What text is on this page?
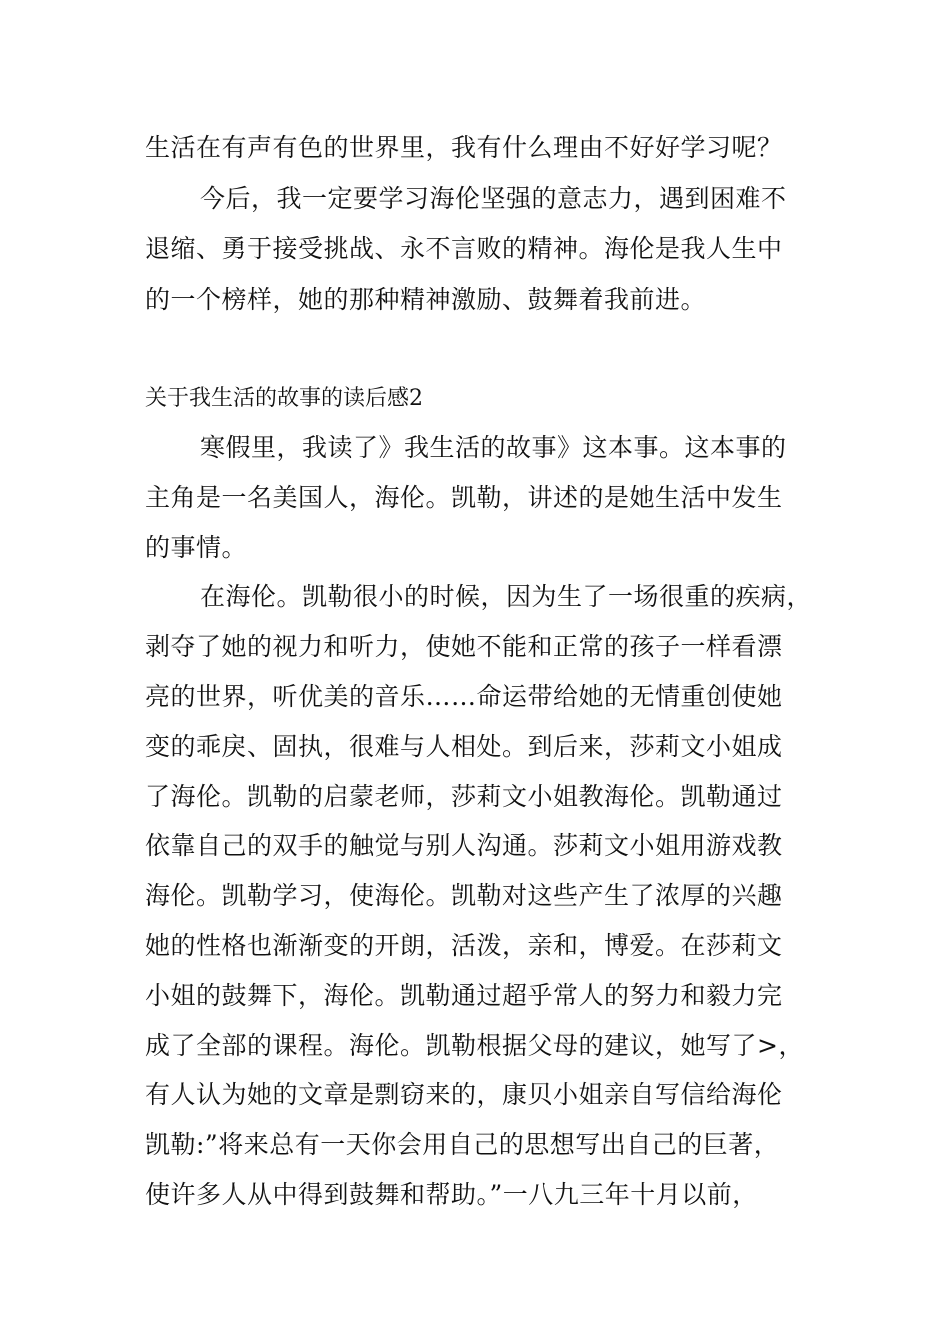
生活在有声有色的世界里，我有什么理由不好好学习呢？
今后，我一定要学习海伦坚强的意志力，遇到困难不
退缩、勇于接受挑战、永不言败的精神。海伦是我人生中
的一个榜样，她的那种精神激励、鼓舞着我前进。
关于我生活的故事的读后感2
寒假里，我读了》我生活的故事》这本事。这本事的
主角是一名美国人，海伦。凯勒，讲述的是她生活中发生
的事情。
在海伦。凯勒很小的时候，因为生了一场很重的疾病，
剥夺了她的视力和听力，使她不能和正常的孩子一样看漂
亮的世界，听优美的音乐……命运带给她的无情重创使她
变的乖戾、固执，很难与人相处。到后来，莎莉文小姐成
了海伦。凯勒的启蒙老师，莎莉文小姐教海伦。凯勒通过
依靠自己的双手的触觉与别人沟通。莎莉文小姐用游戏教
海伦。凯勒学习，使海伦。凯勒对这些产生了浓厚的兴趣
她的性格也渐渐变的开朗，活泼，亲和，博爱。在莎莉文
小姐的鼓舞下，海伦。凯勒通过超乎常人的努力和毅力完
成了全部的课程。海伦。凯勒根据父母的建议，她写了>，
有人认为她的文章是剽窃来的，康贝小姐亲自写信给海伦
凯勒:”将来总有一天你会用自己的思想写出自己的巨著，
使许多人从中得到鼓舞和帮助。”一八九三年十月以前，
